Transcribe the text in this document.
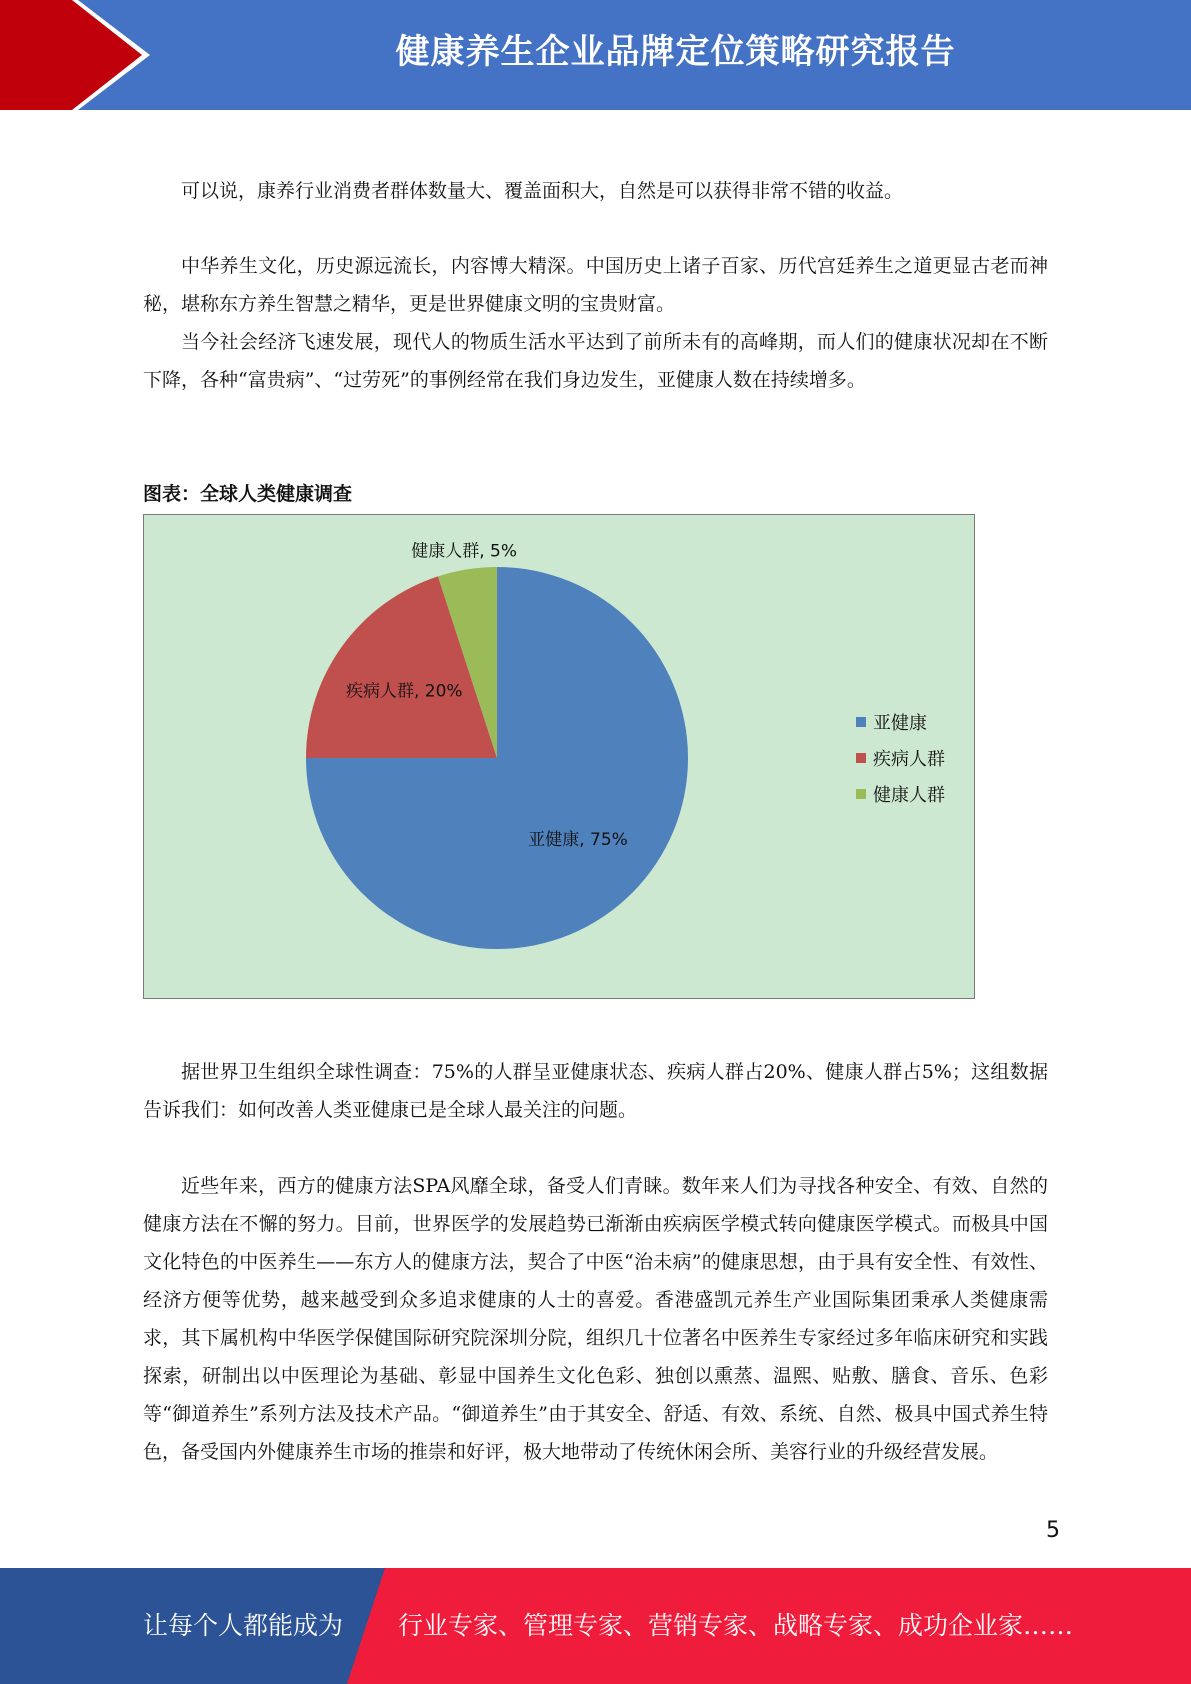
健康养生企业品牌定位策略研究报告

可以说，康养行业消费者群体数量大、覆盖面积大，自然是可以获得非常不错的收益。

中华养生文化，历史源远流长，内容博大精深。中国历史上诸子百家、历代宫廷养生之道更显古老而神秘，堪称东方养生智慧之精华，更是世界健康文明的宝贵财富。

当今社会经济飞速发展，现代人的物质生活水平达到了前所未有的高峰期，而人们的健康状况却在不断下降，各种“富贵病”、“过劳死”的事例经常在我们身边发生，亚健康人数在持续增多。

图表：全球人类健康调查
亚健康, 75%
疾病人群, 20%
健康人群, 5%
亚健康
疾病人群
健康人群

据世界卫生组织全球性调查：75%的人群呈亚健康状态、疾病人群占20%、健康人群占5%；这组数据告诉我们：如何改善人类亚健康已是全球人最关注的问题。

近些年来，西方的健康方法SPA风靡全球，备受人们青睐。数年来人们为寻找各种安全、有效、自然的健康方法在不懈的努力。目前，世界医学的发展趋势已渐渐由疾病医学模式转向健康医学模式。而极具中国文化特色的中医养生——东方人的健康方法，契合了中医“治未病”的健康思想，由于具有安全性、有效性、经济方便等优势，越来越受到众多追求健康的人士的喜爱。香港盛凯元养生产业国际集团秉承人类健康需求，其下属机构中华医学保健国际研究院深圳分院，组织几十位著名中医养生专家经过多年临床研究和实践探索，研制出以中医理论为基础、彰显中国养生文化色彩、独创以熏蒸、温熙、贴敷、膳食、音乐、色彩等“御道养生”系列方法及技术产品。“御道养生”由于其安全、舒适、有效、系统、自然、极具中国式养生特色，备受国内外健康养生市场的推崇和好评，极大地带动了传统休闲会所、美容行业的升级经营发展。

5
让每个人都能成为 行业专家、管理专家、营销专家、战略专家、成功企业家……
